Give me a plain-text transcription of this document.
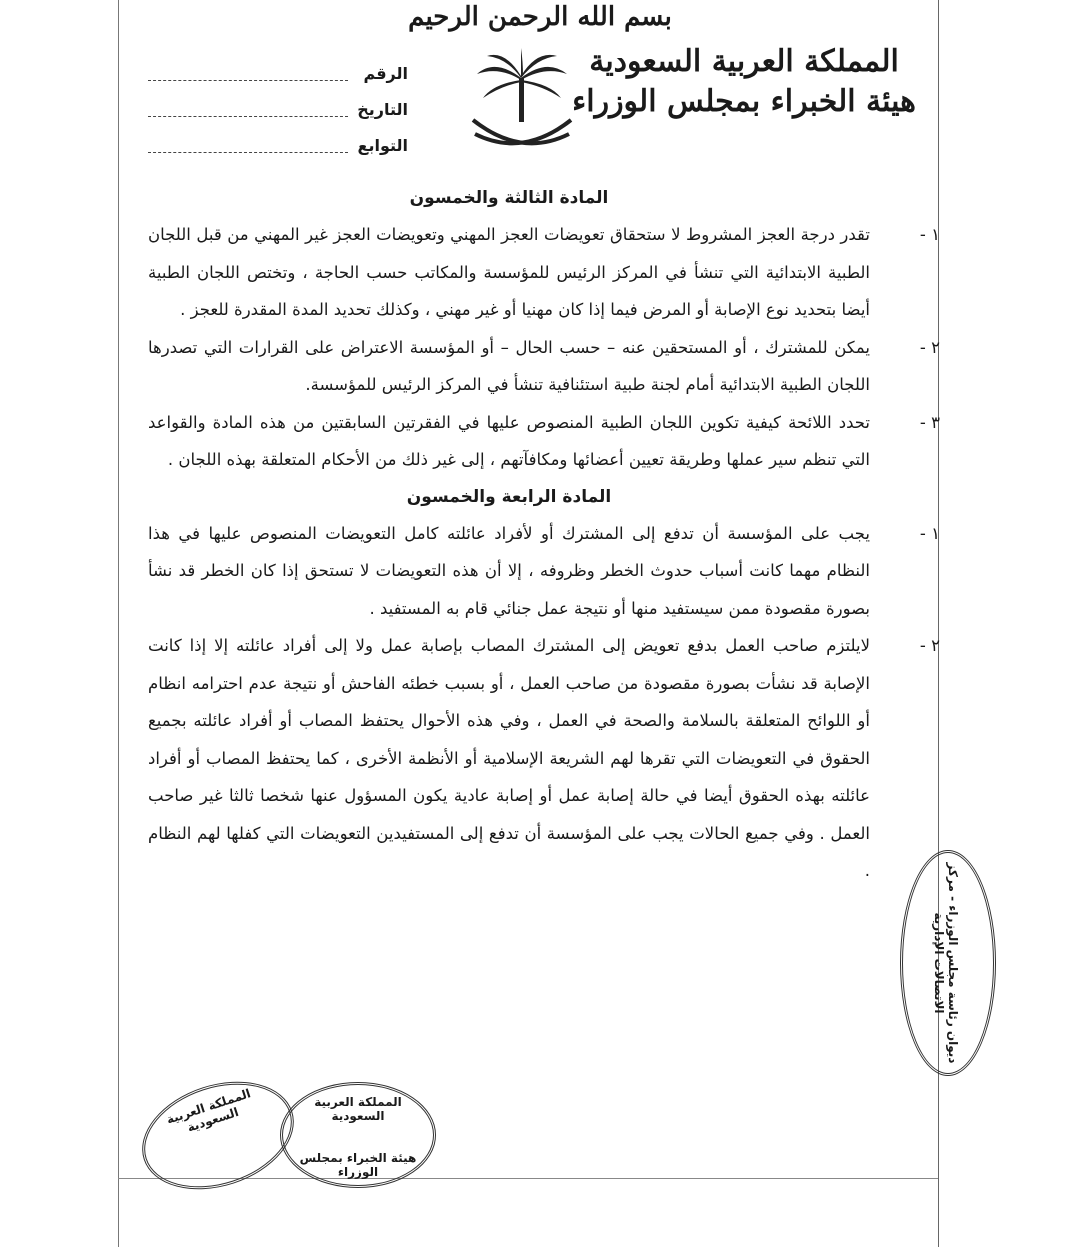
بسم الله الرحمن الرحيم
المملكة العربية السعودية
هيئة الخبراء بمجلس الوزراء
الرقم
التاريخ
التوابع

المادة الثالثة والخمسون

١ -

تقدر درجة العجز المشروط لا ستحقاق تعويضات العجز المهني وتعويضات العجز غير المهني من قبل اللجان الطبية الابتدائية التي تنشأ في المركز الرئيس للمؤسسة والمكاتب حسب الحاجة ، وتختص اللجان الطبية أيضا بتحديد نوع الإصابة أو المرض فيما إذا كان مهنيا أو غير مهني ، وكذلك تحديد المدة المقدرة للعجز .

٢ -

يمكن للمشترك ، أو المستحقين عنه – حسب الحال – أو المؤسسة الاعتراض على القرارات التي تصدرها اللجان الطبية الابتدائية أمام لجنة طبية استئنافية تنشأ في المركز الرئيس للمؤسسة.

٣ -

تحدد اللائحة كيفية تكوين اللجان الطبية المنصوص عليها في الفقرتين السابقتين من هذه المادة والقواعد التي تنظم سير عملها وطريقة تعيين أعضائها ومكافآتهم ، إلى غير ذلك من الأحكام المتعلقة بهذه اللجان .

المادة الرابعة والخمسون

١ -

يجب على المؤسسة أن تدفع إلى المشترك أو لأفراد عائلته كامل التعويضات المنصوص عليها في هذا النظام مهما كانت أسباب حدوث الخطر وظروفه ، إلا أن هذه التعويضات لا تستحق إذا كان الخطر قد نشأ بصورة مقصودة ممن سيستفيد منها أو نتيجة عمل جنائي قام به المستفيد .

٢ -

لايلتزم صاحب العمل بدفع تعويض إلى المشترك المصاب بإصابة عمل ولا إلى أفراد عائلته إلا إذا كانت الإصابة قد نشأت بصورة مقصودة من صاحب العمل ، أو بسبب خطئه الفاحش أو نتيجة عدم احترامه انظام أو اللوائح المتعلقة بالسلامة والصحة في العمل ، وفي هذه الأحوال يحتفظ المصاب أو أفراد عائلته بجميع الحقوق في التعويضات التي تقرها لهم الشريعة الإسلامية أو الأنظمة الأخرى ، كما يحتفظ المصاب أو أفراد عائلته بهذه الحقوق أيضا في حالة إصابة عمل أو إصابة عادية يكون المسؤول عنها شخصا ثالثا غير صاحب العمل . وفي جميع الحالات يجب على المؤسسة أن تدفع إلى المستفيدين التعويضات التي كفلها لهم النظام .	ديوان رئاسة مجلس الوزراء - مركز الاتصالات الإدارية
المملكة العربية السعودية
المملكة العربية السعودية
هيئة الخبراء بمجلس الوزراء
